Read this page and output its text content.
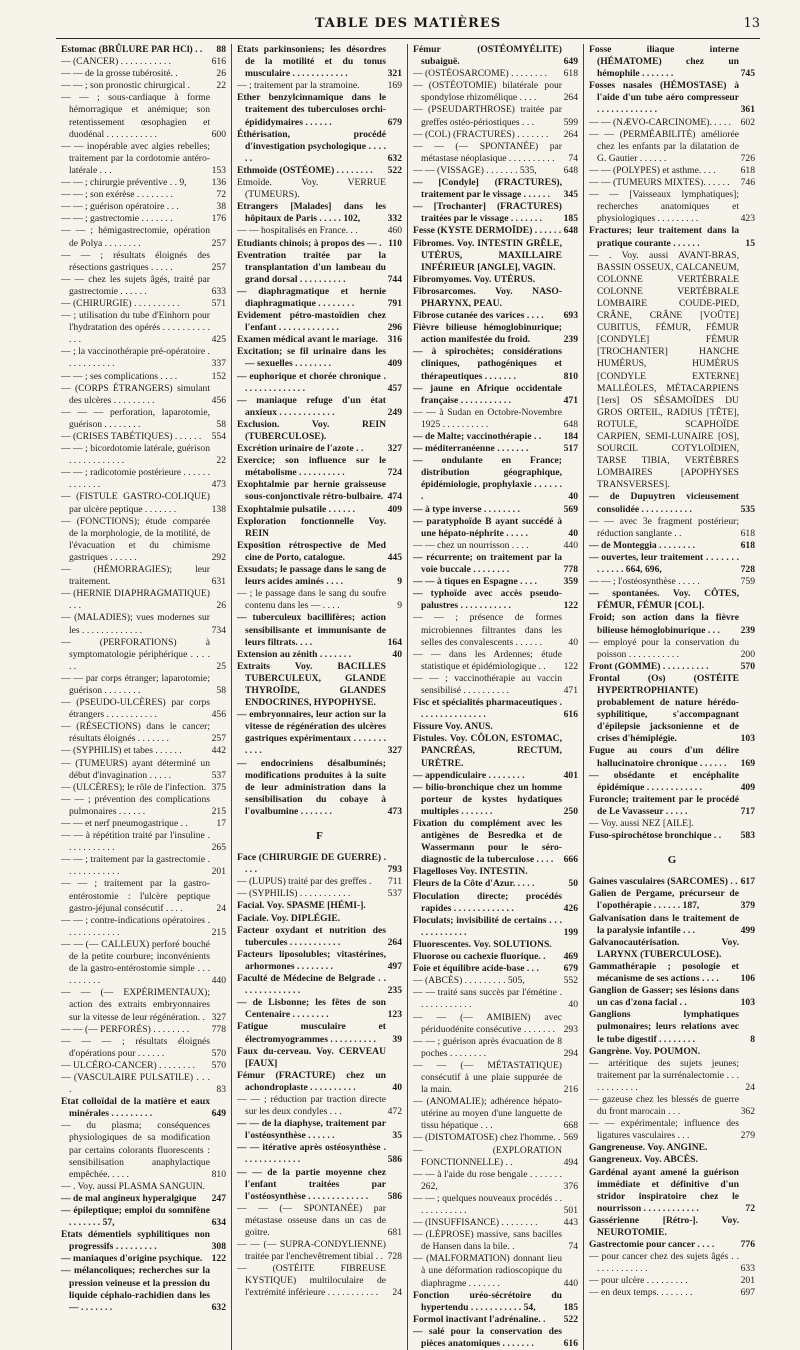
TABLE DES MATIÈRES	13
Estomac (BRÛLURE PAR HCl) . . 88
— (CANCER) . . . . . . . . . . .	616
— — de la grosse tubérosité. .	26
— — ; son pronostic chirurgical .	22
— — ; sous-cardiaque à forme hémorragique et anémique; son retentissement œsophagien et duodénal . . . . . . . . . . .	600
— — inopérable avec algies rebelles; traitement par la cordotomie antéro-latérale . . .	153
— — ; chirurgie préventive . . 9,	136
— — ; son exérèse . . . . . . . .	72
— — ; guérison opératoire . . .	38
— — ; gastrectomie . . . . . . .	176
— — ; hémigastrectomie, opération de Polya . . . . . . . .	257
— — ; résultats éloignés des résections gastriques . . . . .	257
— — chez les sujets âgés, traité par gastrectomie . . . . . .	633
— (CHIRURGIE) . . . . . . . . . .	571
— ; utilisation du tube d'Einhorn pour l'hydratation des opérés . . . . . . . . . . . . .	425
— ; la vaccinothérapie pré-opératoire . . . . . . . . . . .	337
— — ; ses complications . . . .	152
— (CORPS ÉTRANGERS) simulant des ulcères . . . . . . . . .	456
— — — perforation, laparotomie, guérison . . . . . . . .	58
— (CRISES TABÉTIQUES) . . . . . . 554
— — ; bicordotomie latérale, guérison . . . . . . . . . . . .	22
— — ; radicotomie postérieure . . . . . . . . . . . . .	473
— (FISTULE GASTRO-COLIQUE) par ulcère peptique . . . . . . .	138
— (FONCTIONS); étude comparée de la morphologie, de la motilité, de l'évacuation et du chimisme gastriques . . . . . .	292
— (HÉMORRAGIES); leur traitement.	631
— (HERNIE DIAPHRAGMATIQUE) . . .	26
— (MALADIES); vues modernes sur les . . . . . . . . . . . . .	734
— (PERFORATIONS) à symptomatologie périphérique . . . . . .	25
— — par corps étranger; laparotomie; guérison . . . . . . . .	58
— (PSEUDO-ULCÈRES) par corps étrangers . . . . . . . . . . .	456
— (RÉSECTIONS) dans le cancer; résultats éloignés . . . . . . .	257
— (SYPHILIS) et tabes . . . . . .	442
— (TUMEURS) ayant déterminé un début d'invagination . . . . .	537
— (ULCÈRES); le rôle de l'infection. 375
— — ; prévention des complications pulmonaires . . . . . .	215
— — et nerf pneumogastrique . .	17
— — à répétition traité par l'insuline . . . . . . . . . . .	265
— — ; traitement par la gastrectomie . . . . . . . . . . . .	201
— — ; traitement par la gastro-entérostomie : l'ulcère peptique gastro-jéjunal consécutif . . . .	24
— — ; contre-indications opératoires . . . . . . . . . . . .	215
— — (— CALLEUX) perforé bouché de la petite courbure; inconvénients de la gastro-entérostomie simple . . . . . . . . . .	440
— — (— EXPÉRIMENTAUX); action des extraits embryonnaires sur la vitesse de leur régénération. . 327
— — (— PERFORÉS) . . . . . . . . 778
— — — ; résultats éloignés d'opérations pour . . . . . .	570
— ULCÉRO-CANCER) . . . . . . . . 570
— (VASCULAIRE PULSATILE) . . . .	83
Etat colloïdal de la matière et eaux minérales . . . . . . . . .	649
— du plasma; conséquences physiologiques de sa modification par certains colorants fluorescents : sensibilisation anaphylactique empêchée. . . . .	810
— . Voy. aussi PLASMA SANGUIN.
— de mal angineux hyperalgique 247
— épileptique; emploi du somnifène . . . . . . . 57,	634
Etats démentiels syphilitiques non progressifs . . . . . . . . .	308
— maniaques d'origine psychique. 122
— mélancoliques; recherches sur la pression veineuse et la pression du liquide céphalo-rachidien dans les — . . . . . . .	632
Etats parkinsoniens; les désordres de la motilité et du tonus musculaire . . . . . . . . . . . .	321
— ; traitement par la stramoine.	169
Ether benzylcinnamique dans le traitement des tuberculoses orchi-épididymaires . . . . . .	679
Éthérisation, procédé d'investigation psychologique . . . . . .	632
Ethmoïde (OSTÉOME) . . . . . . . . 522
Etmoïde. Voy. VERRUE (TUMEURS).
Etrangers [Malades] dans les hôpitaux de Paris . . . . . 102,	332
— — hospitalisés en France. . .	460
Etudiants chinois; à propos des — . 110
Eventration traitée par la transplantation d'un lambeau du grand dorsal . . . . . . . . . .	744
— diaphragmatique et hernie diaphragmatique . . . . . . . .	791
Evidement pétro-mastoïdien chez l'enfant . . . . . . . . . . . . .	296
Examen médical avant le mariage. 316
Excitation; se fil urinaire dans les — sexuelles . . . . . . . .	409
— euphorique et chorée chronique . . . . . . . . . . . . . .	457
— maniaque refuge d'un état anxieux . . . . . . . . . . . .	249
Exclusion. Voy. REIN (TUBERCULOSE).
Excrétion urinaire de l'azote . .	327
Exercice; son influence sur le métabolisme . . . . . . . . . .	724
Exophtalmie par hernie graisseuse sous-conjonctivale rétro-bulbaire. 474
Exophtalmie pulsatile . . . . . .	409
Exploration fonctionnelle Voy. REIN
Exposition rétrospective de Med cine de Porto, catalogue.	445
Exsudats; le passage dans le sang de leurs acides aminés . . . .	9
— ; le passage dans le sang du soufre contenu dans les — . . . .	9
— tuberculeux bacillifères; action sensibilisante et immunisante de leurs filtrats. . . .	164
Extension au zénith . . . . . . .	40
Extraits Voy. BACILLES TUBERCULEUX, GLANDE THYROÏDE, GLANDES ENDOCRINES, HYPOPHYSE.
— embryonnaires, leur action sur la vitesse de régénération des ulcères gastriques expérimentaux . . . . . . . . . . .	327
— endocriniens désalbuminés; modifications produites à la suite de leur administration dans la sensibilisation du cobaye à l'ovalbumine . . . . . . .	473
F
Face (CHIRURGIE DE GUERRE) . . . .	793
— (LUPUS) traité par des greffes . 711
— (SYPHILIS) . . . . . . . . . . .	537
Facial. Voy. SPASME [HÉMI-].
Faciale. Voy. DIPLÉGIE.
Facteur oxydant et nutrition des tubercules . . . . . . . . . . .	264
Facteurs liposolubles; vitastérines, arhormones . . . . . . . .	497
Faculté de Médecine de Belgrade . . . . . . . . . . . . . .	235
— de Lisbonne; les fêtes de son Centenaire . . . . . . . .	123
Fatigue musculaire et électromyogrammes . . . . . . . . . . 39
Faux du-cerveau. Voy. CERVEAU [FAUX]
Fémur (FRACTURE) chez un achondroplaste . . . . . . . . . .	40
— — ; réduction par traction directe sur les deux condyles . . .	472
— — de la diaphyse, traitement par l'ostéosynthèse . . . . . .	35
— — itérative après ostéosynthèse . . . . . . . . . . . . .	586
— — de la partie moyenne chez l'enfant traitées par l'ostéosynthèse . . . . . . . . . . . . . 586
— — (— SPONTANÉE) par métastase osseuse dans un cas de goitre.	681
— — (— SUPRA-CONDYLIENNE) traitée par l'enchevêtrement tibial . . 728
— (OSTÉITE FIBREUSE KYSTIQUE) multiloculaire de l'extrémité inférieure . . . . . . . . . . . 24
Fémur (OSTÉOMYÉLITE) subaiguë.	649
— (OSTÉOSARCOME) . . . . . . . . 618
— (OSTÉOTOMIE) bilatérale pour spondylose rhizomélique . . . .	264
— (PSEUDARTHROSE) traitée par greffes ostéo-périostiques . . .	599
— (COL) (FRACTURES) . . . . . . . 264
— — (— SPONTANÉE) par métastase néoplasique . . . . . . . . . . 74
— — (VISSAGE) . . . . . . . 535,	648
— [Condyle] (FRACTURES), traitement par le vissage . . . . . . 345
— [Trochanter] (FRACTURES) traitées par le vissage . . . . . . . 185
Fesse (KYSTE DERMOÏDE) . . . . . . 648
Fibromes. Voy. INTESTIN GRÊLE, UTÉRUS, MAXILLAIRE INFÉRIEUR [ANGLE], VAGIN.
Fibromyomes. Voy. UTÉRUS.
Fibrosarcomes. Voy. NASO-PHARYNX, PEAU.
Fibrose cutanée des varices . . . . 693
Fièvre bilieuse hémoglobinurique; action manifestée du froid.	239
— à spirochètes; considérations cliniques, pathogéniques et thérapeutiques . . . . . . .	810
— jaune en Afrique occidentale française . . . . . . . . . . .	471
— — à Sudan en Octobre-Novembre 1925 . . . . . . . . . .	648
— de Malte; vaccinothérapie . . 184
— méditerranéenne . . . . . . .	517
— ondulante en France; distribution géographique, épidémiologie, prophylaxie . . . . . . .	40
— à type inverse . . . . . . . .	569
— paratyphoïde B ayant succédé à une hépato-néphrite . . . . .	40
— — chez un nourrisson . . . .	440
— récurrente; on traitement par la voie buccale . . . . . . . .	778
— — à tiques en Espagne . . . .	359
— typhoïde avec accès pseudo-palustres . . . . . . . . . . .	122
— — ; présence de formes microbiennes filtrantes dans les selles des convalescents . . . . . .	40
— — dans les Ardennes; étude statistique et épidémiologique . . 122
— — ; vaccinothérapie au vaccin sensibilisé . . . . . . . . . .	471
Fisc et spécialités pharmaceutiques . . . . . . . . . . . . . . .	616
Fissure Voy. ANUS.
Fistules. Voy. CÔLON, ESTOMAC, PANCRÉAS, RECTUM, URÈTRE.
— appendiculaire . . . . . . . .	401
— bilio-bronchique chez un homme porteur de kystes hydatiques multiples . . . . . . .	250
Fixation du complément avec les antigènes de Besredka et de Wassermann pour le séro-diagnostic de la tuberculose . . . . 666
Flagelloses Voy. INTESTIN.
Fleurs de la Côte d'Azur. . . . .	50
Floculation directe; procédés rapides . . . . . . . . . . . . .	426
Floculats; invisibilité de certains . . . . . . . . . . . . .	199
Fluorescentes. Voy. SOLUTIONS.
Fluorose ou cachexie fluorique. . 469
Foie et équilibre acide-base . . .	679
— (ABCÈS) . . . . . . . . . 505,	552
— — traité sans succès par l'émétine . . . . . . . . . . . .	40
— — (— AMIBIEN) avec périduodénite consécutive . . . . . . . 293
— — ; guérison après évacuation de 8 poches . . . . . . . .	294
— — (— MÉTASTATIQUE) consécutif à une plaie suppurée de la main.	216
— (ANOMALIE); adhérence hépato-utérine au moyen d'une languette de tissu hépatique . . .	668
— (DISTOMATOSE) chez l'homme. . 569
— (EXPLORATION FONCTIONNELLE) . .	494
— — à l'aide du rose bengale . . . . . . . 262,	376
— — ; quelques nouveaux procédés . . . . . . . . . . . .	501
— (INSUFFISANCE) . . . . . . . .	443
— (LÈPROSE) massive, sans bacilles de Hansen dans la bile. .	74
— (MALFORMATION) donnant lieu à une déformation radioscopique du diaphragme . . . . . . .	440
Fonction uréo-sécrétoire du hypertendu . . . . . . . . . . . 54,	185
Formol inactivant l'adrénaline. . 522
— salé pour la conservation des pièces anatomiques . . . . . . .	616
Fosse iliaque interne (HÉMATOME) chez un hémophile . . . . . . .	745
Fosses nasales (HÉMOSTASE) à l'aide d'un tube aéro compresseur . . . . . . . . . . . . .	361
— — (NÆVO-CARCINOME). . . . . 602
— — (PERMÉABILITÉ) améliorée chez les enfants par la dilatation de G. Gautier . . . . . .	726
— — (POLYPES) et asthme. . . .	618
— — (TUMEURS MIXTES). . . . . . 746
— — [Vaisseaux lymphatiques]; recherches anatomiques et physiologiques . . . . . . . . .	423
Fractures; leur traitement dans la pratique courante . . . . . .	15
— . Voy. aussi AVANT-BRAS, BASSIN OSSEUX, CALCANEUM, COLONNE VERTÉBRALE COLONNE VERTÉBRALE LOMBAIRE COUDE-PIED, CRÂNE, CRÂNE [VOÛTE] CUBITUS, FÉMUR, FÉMUR [CONDYLE] FÉMUR [TROCHANTER] HANCHE HUMÉRUS, HUMÉRUS [CONDYLE EXTERNE] MALLÉOLES, MÉTACARPIENS [1ers] OS SÉSAMOÏDES DU GROS ORTEIL, RADIUS [TÊTE], ROTULE, SCAPHOÏDE CARPIEN, SEMI-LUNAIRE [OS], SOURCIL COTYLOÏDIEN, TARSE TIBIA, VERTÈBRES LOMBAIRES [APOPHYSES TRANSVERSES].
— de Dupuytren vicieusement consolidée . . . . . . . . . . .	535
— — avec 3e fragment postérieur; réduction sanglante . .	618
— de Monteggia . . . . . . . .	618
— ouvertes, leur traitement . . . . . . . . . . . . . 664, 696,	728
— — ; l'ostéosynthèse . . . . .	759
— spontanées. Voy. CÔTES, FÉMUR, FÉMUR [COL].
Froid; son action dans la fièvre bilieuse hémoglobinurique . . . 239
— employé pour la conservation du poisson . . . . . . . . . . .	200
Front (GOMME) . . . . . . . . . .	570
Frontal (Os) (OSTÉITE HYPERTROPHIANTE) probablement de nature hérédo-syphilitique, s'accompagnant d'épilepsie jacksonienne et de crises d'hémiplégie.	103
Fugue au cours d'un délire hallucinatoire chronique . . . . . . 169
— obsédante et encéphalite épidémique . . . . . . . . . . . .	409
Furoncle; traitement par le procédé de Le Vavasseur . . . . .	717
— Voy. aussi NEZ [AILE].
Fuso-spirochétose bronchique . . 583
G
Gaines vasculaires (SARCOMES) . . 617
Galien de Pergame, précurseur de l'opothérapie . . . . . . 187,	379
Galvanisation dans le traitement de la paralysie infantile . . .	499
Galvanocautérisation. Voy. LARYNX (TUBERCULOSE).
Gammathérapie ; posologie et mécanisme de ses actions . . . . 106
Ganglion de Gasser; ses lésions dans un cas d'zona facial . .	103
Ganglions lymphatiques pulmonaires; leurs relations avec le tube digestif . . . . . . . .	8
Gangrène. Voy. POUMON.
— artéritique des sujets jeunes; traitement par la surrénalectomie . . . . . . . . . . . .	24
— gazeuse chez les blessés de guerre du front marocain . . .	362
— — expérimentale; influence des ligatures vasculaires . . .	279
Gangreneuse. Voy. ANGINE.
Gangreneux. Voy. ABCÈS.
Gardénal ayant amené la guérison immédiate et définitive d'un stridor inspiratoire chez le nourrisson . . . . . . . . . . . .	72
Gassérienne [Rétro-]. Voy. NEUROTOMIE.
Gastrectomie pour cancer . . . .	776
— pour cancer chez des sujets âgés . . . . . . . . . . . . .	633
— pour ulcère . . . . . . . . .	201
— en deux temps. . . . . . . .	697
